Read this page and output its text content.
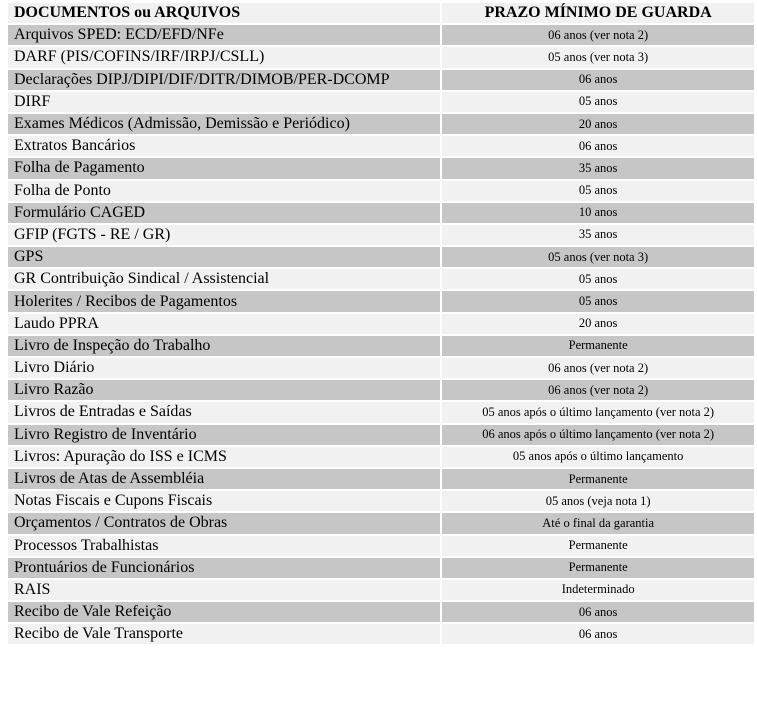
DOCUMENTOS ou ARQUIVOS	PRAZO MÍNIMO DE GUARDA
Arquivos SPED: ECD/EFD/NFe	06 anos (ver nota 2)
DARF (PIS/COFINS/IRF/IRPJ/CSLL)	05 anos (ver nota 3)
Declarações DIPJ/DIPI/DIF/DITR/DIMOB/PER-DCOMP	06 anos
DIRF	05 anos
Exames Médicos (Admissão, Demissão e Periódico)	20 anos
Extratos Bancários	06 anos
Folha de Pagamento	35 anos
Folha de Ponto	05 anos
Formulário CAGED	10 anos
GFIP (FGTS - RE / GR)	35 anos
GPS	05 anos (ver nota 3)
GR Contribuição Sindical / Assistencial	05 anos
Holerites / Recibos de Pagamentos	05 anos
Laudo PPRA	20 anos
Livro de Inspeção do Trabalho	Permanente
Livro Diário	06 anos (ver nota 2)
Livro Razão	06 anos (ver nota 2)
Livros de Entradas e Saídas	05 anos após o último lançamento (ver nota 2)
Livro Registro de Inventário	06 anos após o último lançamento (ver nota 2)
Livros: Apuração do ISS e ICMS	05 anos após o último lançamento
Livros de Atas de Assembléia	Permanente
Notas Fiscais e Cupons Fiscais	05 anos (veja nota 1)
Orçamentos / Contratos de Obras	Até o final da garantia
Processos Trabalhistas	Permanente
Prontuários de Funcionários	Permanente
RAIS	Indeterminado
Recibo de Vale Refeição	06 anos
Recibo de Vale Transporte	06 anos
